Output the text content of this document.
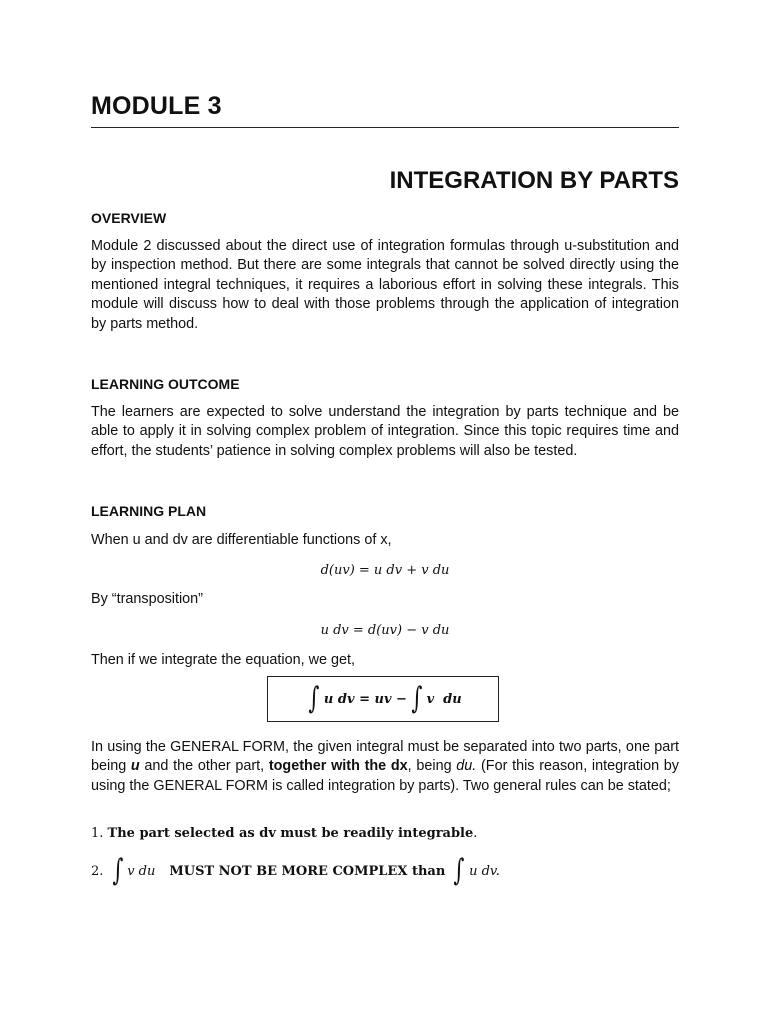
MODULE 3
INTEGRATION BY PARTS
OVERVIEW

Module 2 discussed about the direct use of integration formulas through u-substitution and by inspection method. But there are some integrals that cannot be solved directly using the mentioned integral techniques, it requires a laborious effort in solving these integrals. This module will discuss how to deal with those problems through the application of integration by parts method.

LEARNING OUTCOME

The learners are expected to solve understand the integration by parts technique and be able to apply it in solving complex problem of integration. Since this topic requires time and effort, the students’ patience in solving complex problems will also be tested.

LEARNING PLAN

When u and dv are differentiable functions of x,

d(uv) = u dv + v du

By “transposition”

u dv = d(uv) − v du

Then if we integrate the equation, we get,

∫ u dv = uv − ∫ v  du

In using the GENERAL FORM, the given integral must be separated into two parts, one part being u and the other part, together with the dx, being du. (For this reason, integration by using the GENERAL FORM is called integration by parts). Two general rules can be stated;

1.
The part selected as dv must be readily integrable .
2.
∫ v du MUST NOT BE MORE COMPLEX than
∫ u dv.
